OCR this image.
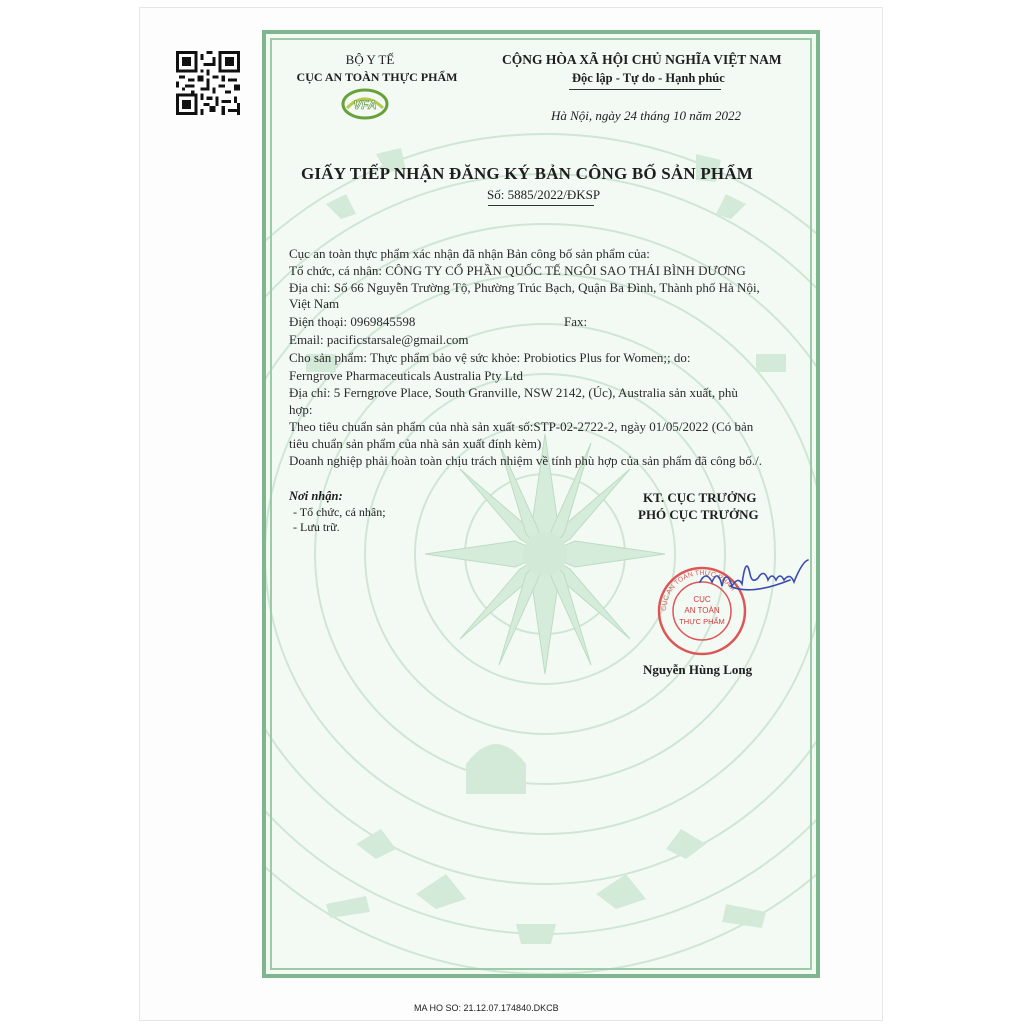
BỘ Y TẾ
CỤC AN TOÀN THỰC PHẨM
VFA
CỘNG HÒA XÃ HỘI CHỦ NGHĨA VIỆT NAM
Độc lập - Tự do - Hạnh phúc
Hà Nội, ngày 24 tháng 10 năm 2022
GIẤY TIẾP NHẬN ĐĂNG KÝ BẢN CÔNG BỐ SẢN PHẨM
Số: 5885/2022/ĐKSP
Cục an toàn thực phẩm xác nhận đã nhận Bản công bố sản phẩm của:
Tổ chức, cá nhân: CÔNG TY CỔ PHẦN QUỐC TẾ NGÔI SAO THÁI BÌNH DƯƠNG
Địa chỉ: Số 66 Nguyễn Trường Tộ, Phường Trúc Bạch, Quận Ba Đình, Thành phố Hà Nội,
Việt Nam
Điện thoại: 0969845598	Fax:
Email: pacificstarsale@gmail.com
Cho sản phẩm: Thực phẩm bảo vệ sức khỏe: Probiotics Plus for Women;; do:
Ferngrove Pharmaceuticals Australia Pty Ltd
Địa chỉ: 5 Ferngrove Place, South Granville, NSW 2142, (Úc), Australia sản xuất, phù
hợp:
Theo tiêu chuẩn sản phẩm của nhà sản xuất số:STP-02-2722-2, ngày 01/05/2022 (Có bản
tiêu chuẩn sản phẩm của nhà sản xuất đính kèm)
Doanh nghiệp phải hoàn toàn chịu trách nhiệm về tính phù hợp của sản phẩm đã công bố./.
Nơi nhận:
- Tổ chức, cá nhân;
- Lưu trữ.
KT. CỤC TRƯỞNG
PHÓ CỤC TRƯỞNG
CỤC AN TOÀN THỰC PHẨM
CỤC
AN TOÀN
THỰC PHẨM
Nguyễn Hùng Long
MA HO SO: 21.12.07.174840.DKCB
